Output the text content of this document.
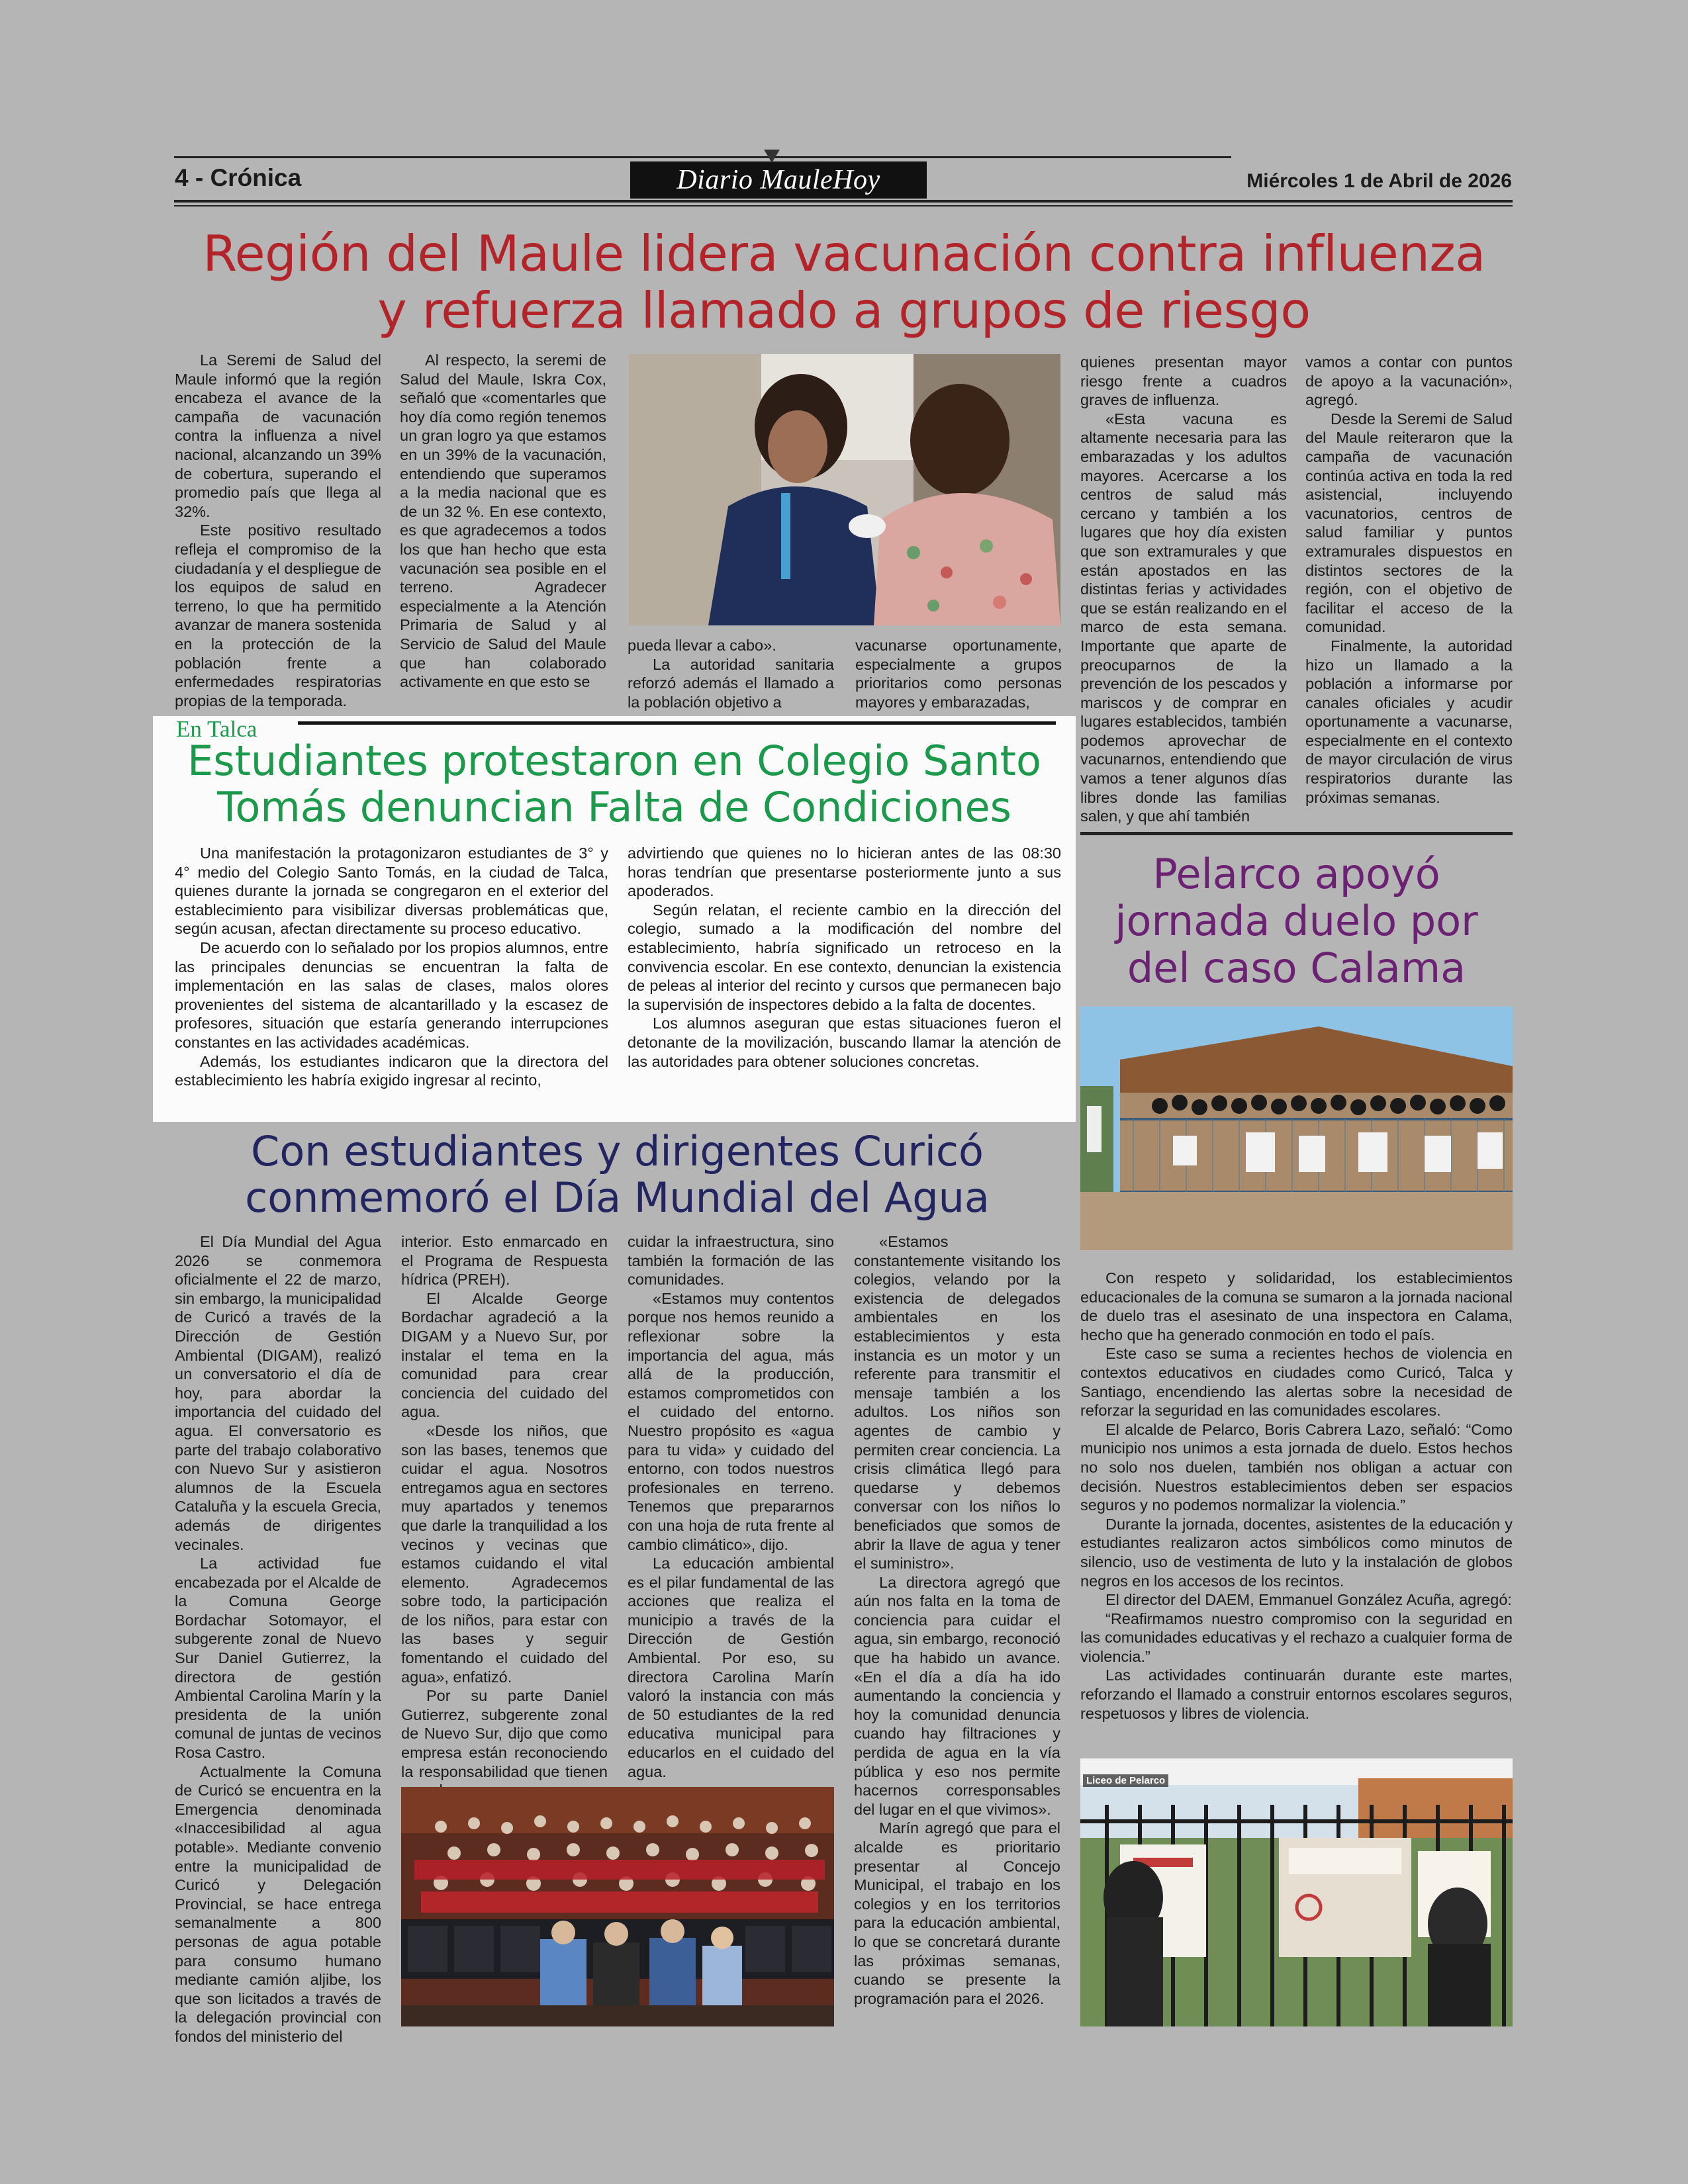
4 - Crónica	Diario MauleHoy	Miércoles 1 de Abril de 2026
Región del Maule lidera vacunación contra influenza
y refuerza llamado a grupos de riesgo

La Seremi de Salud del Maule informó que la región encabeza el avance de la campaña de vacunación contra la influenza a nivel nacional, alcanzando un 39% de cobertura, superando el promedio país que llega al 32%.

Este positivo resultado refleja el compromiso de la ciudadanía y el despliegue de los equipos de salud en terreno, lo que ha permitido avanzar de manera sostenida en la protección de la población frente a enfermedades respiratorias propias de la temporada.

Al respecto, la seremi de Salud del Maule, Iskra Cox, señaló que «comentarles que hoy día como región tenemos un gran logro ya que estamos en un 39% de la vacunación, entendiendo que superamos a la media nacional que es de un 32 %. En ese contexto, es que agradecemos a todos los que han hecho que esta vacunación sea posible en el terreno. Agradecer especialmente a la Atención Primaria de Salud y al Servicio de Salud del Maule que han colaborado activamente en que esto se

pueda llevar a cabo».

La autoridad sanitaria reforzó además el llamado a la población objetivo a

vacunarse oportunamente, especialmente a grupos prioritarios como personas mayores y embarazadas,

quienes presentan mayor riesgo frente a cuadros graves de influenza.

«Esta vacuna es altamente necesaria para las embarazadas y los adultos mayores. Acercarse a los centros de salud más cercano y también a los lugares que hoy día existen que son extramurales y que están apostados en las distintas ferias y actividades que se están realizando en el marco de esta semana. Importante que aparte de preocuparnos de la prevención de los pescados y mariscos y de comprar en lugares establecidos, también podemos aprovechar de vacunarnos, entendiendo que vamos a tener algunos días libres donde las familias salen, y que ahí también

vamos a contar con puntos de apoyo a la vacunación», agregó.

Desde la Seremi de Salud del Maule reiteraron que la campaña de vacunación continúa activa en toda la red asistencial, incluyendo vacunatorios, centros de salud familiar y puntos extramurales dispuestos en distintos sectores de la región, con el objetivo de facilitar el acceso de la comunidad.

Finalmente, la autoridad hizo un llamado a la población a informarse por canales oficiales y acudir oportunamente a vacunarse, especialmente en el contexto de mayor circulación de virus respiratorios durante las próximas semanas.

En Talca
Estudiantes protestaron en Colegio Santo
Tomás denuncian Falta de Condiciones

Una manifestación la protagonizaron estudiantes de 3° y 4° medio del Colegio Santo Tomás, en la ciudad de Talca, quienes durante la jornada se congregaron en el exterior del establecimiento para visibilizar diversas problemáticas que, según acusan, afectan directamente su proceso educativo.

De acuerdo con lo señalado por los propios alumnos, entre las principales denuncias se encuentran la falta de implementación en las salas de clases, malos olores provenientes del sistema de alcantarillado y la escasez de profesores, situación que estaría generando interrupciones constantes en las actividades académicas.

Además, los estudiantes indicaron que la directora del establecimiento les habría exigido ingresar al recinto,

advirtiendo que quienes no lo hicieran antes de las 08:30 horas tendrían que presentarse posteriormente junto a sus apoderados.

Según relatan, el reciente cambio en la dirección del colegio, sumado a la modificación del nombre del establecimiento, habría significado un retroceso en la convivencia escolar. En ese contexto, denuncian la existencia de peleas al interior del recinto y cursos que permanecen bajo la supervisión de inspectores debido a la falta de docentes.

Los alumnos aseguran que estas situaciones fueron el detonante de la movilización, buscando llamar la atención de las autoridades para obtener soluciones concretas.

Con estudiantes y dirigentes Curicó
conmemoró el Día Mundial del Agua

El Día Mundial del Agua 2026 se conmemora oficialmente el 22 de marzo, sin embargo, la municipalidad de Curicó a través de la Dirección de Gestión Ambiental (DIGAM), realizó un conversatorio el día de hoy, para abordar la importancia del cuidado del agua. El conversatorio es parte del trabajo colaborativo con Nuevo Sur y asistieron alumnos de la Escuela Cataluña y la escuela Grecia, además de dirigentes vecinales.

La actividad fue encabezada por el Alcalde de la Comuna George Bordachar Sotomayor, el subgerente zonal de Nuevo Sur Daniel Gutierrez, la directora de gestión Ambiental Carolina Marín y la presidenta de la unión comunal de juntas de vecinos Rosa Castro.

Actualmente la Comuna de Curicó se encuentra en la Emergencia denominada «Inaccesibilidad al agua potable». Mediante convenio entre la municipalidad de Curicó y Delegación Provincial, se hace entrega semanalmente a 800 personas de agua potable para consumo humano mediante camión aljibe, los que son licitados a través de la delegación provincial con fondos del ministerio del

interior. Esto enmarcado en el Programa de Respuesta hídrica (PREH).

El Alcalde George Bordachar agradeció a la DIGAM y a Nuevo Sur, por instalar el tema en la comunidad para crear conciencia del cuidado del agua.

«Desde los niños, que son las bases, tenemos que cuidar el agua. Nosotros entregamos agua en sectores muy apartados y tenemos que darle la tranquilidad a los vecinos y vecinas que estamos cuidando el vital elemento. Agradecemos sobre todo, la participación de los niños, para estar con las bases y seguir fomentando el cuidado del agua», enfatizó.

Por su parte Daniel Gutierrez, subgerente zonal de Nuevo Sur, dijo que como empresa están reconociendo la responsabilidad que tienen

cuidar la infraestructura, sino también la formación de las comunidades.

«Estamos muy contentos porque nos hemos reunido a reflexionar sobre la importancia del agua, más allá de la producción, estamos comprometidos con el cuidado del entorno. Nuestro propósito es «agua para tu vida» y cuidado del entorno, con todos nuestros profesionales en terreno. Tenemos que prepararnos con una hoja de ruta frente al cambio climático», dijo.

La educación ambiental es el pilar fundamental de las acciones que realiza el municipio a través de la Dirección de Gestión Ambiental. Por eso, su directora Carolina Marín valoró la instancia con más de 50 estudiantes de la red educativa municipal para educarlos en el cuidado del agua.

«Estamos constantemente visitando los colegios, velando por la existencia de delegados ambientales en los establecimientos y esta instancia es un motor y un referente para transmitir el mensaje también a los adultos. Los niños son agentes de cambio y permiten crear conciencia. La crisis climática llegó para quedarse y debemos conversar con los niños lo beneficiados que somos de abrir la llave de agua y tener el suministro».

La directora agregó que aún nos falta en la toma de conciencia para cuidar el agua, sin embargo, reconoció que ha habido un avance. «En el día a día ha ido aumentando la conciencia y hoy la comunidad denuncia cuando hay filtraciones y perdida de agua en la vía pública y eso nos permite hacernos corresponsables del lugar en el que vivimos».

Marín agregó que para el alcalde es prioritario presentar al Concejo Municipal, el trabajo en los colegios y en los territorios para la educación ambiental, lo que se concretará durante las próximas semanas, cuando se presente la programación para el 2026.

Pelarco apoyó
jornada duelo por
del caso Calama

Con respeto y solidaridad, los establecimientos educacionales de la comuna se sumaron a la jornada nacional de duelo tras el asesinato de una inspectora en Calama, hecho que ha generado conmoción en todo el país.

Este caso se suma a recientes hechos de violencia en contextos educativos en ciudades como Curicó, Talca y Santiago, encendiendo las alertas sobre la necesidad de reforzar la seguridad en las comunidades escolares.

El alcalde de Pelarco, Boris Cabrera Lazo, señaló: “Como municipio nos unimos a esta jornada de duelo. Estos hechos no solo nos duelen, también nos obligan a actuar con decisión. Nuestros establecimientos deben ser espacios seguros y no podemos normalizar la violencia.”

Durante la jornada, docentes, asistentes de la educación y estudiantes realizaron actos simbólicos como minutos de silencio, uso de vestimenta de luto y la instalación de globos negros en los accesos de los recintos.

El director del DAEM, Emmanuel González Acuña, agregó:

“Reafirmamos nuestro compromiso con la seguridad en las comunidades educativas y el rechazo a cualquier forma de violencia.”

Las actividades continuarán durante este martes, reforzando el llamado a construir entornos escolares seguros, respetuosos y libres de violencia.

Liceo de Pelarco
